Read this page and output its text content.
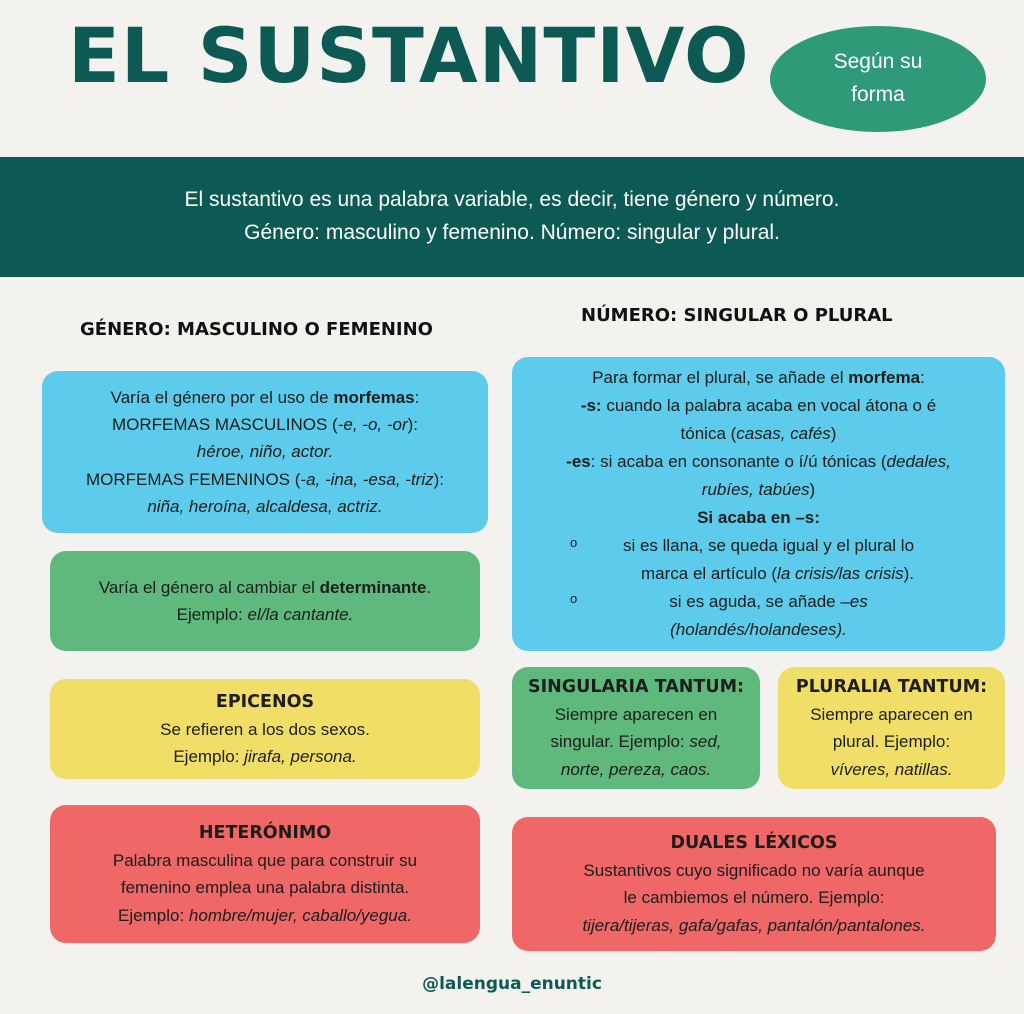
EL SUSTANTIVO	Según su
forma
El sustantivo es una palabra variable, es decir, tiene género y número.
Género: masculino y femenino. Número: singular y plural.
GÉNERO: MASCULINO O FEMENINO
NÚMERO: SINGULAR O PLURAL
Varía el género por el uso de morfemas:
MORFEMAS MASCULINOS (-e, -o, -or):
héroe, niño, actor.
MORFEMAS FEMENINOS (-a, -ina, -esa, -triz):
niña, heroína, alcaldesa, actriz.
Varía el género al cambiar el determinante.
Ejemplo: el/la cantante.
EPICENOS
Se refieren a los dos sexos.
Ejemplo: jirafa, persona.
HETERÓNIMO
Palabra masculina que para construir su
femenino emplea una palabra distinta.
Ejemplo: hombre/mujer, caballo/yegua.
Para formar el plural, se añade el morfema:
-s: cuando la palabra acaba en vocal átona o é
tónica (casas, cafés)
-es: si acaba en consonante o í/ú tónicas (dedales,
rubíes, tabúes)
Si acaba en –s:
o	si es llana, se queda igual y el plural lo
marca el artículo (la crisis/las crisis).
o	si es aguda, se añade –es
(holandés/holandeses).
SINGULARIA TANTUM:
Siempre aparecen en
singular. Ejemplo: sed,
norte, pereza, caos.
PLURALIA TANTUM:
Siempre aparecen en
plural. Ejemplo:
víveres, natillas.
DUALES LÉXICOS
Sustantivos cuyo significado no varía aunque
le cambiemos el número. Ejemplo:
tijera/tijeras, gafa/gafas, pantalón/pantalones.
@lalengua_enuntic
